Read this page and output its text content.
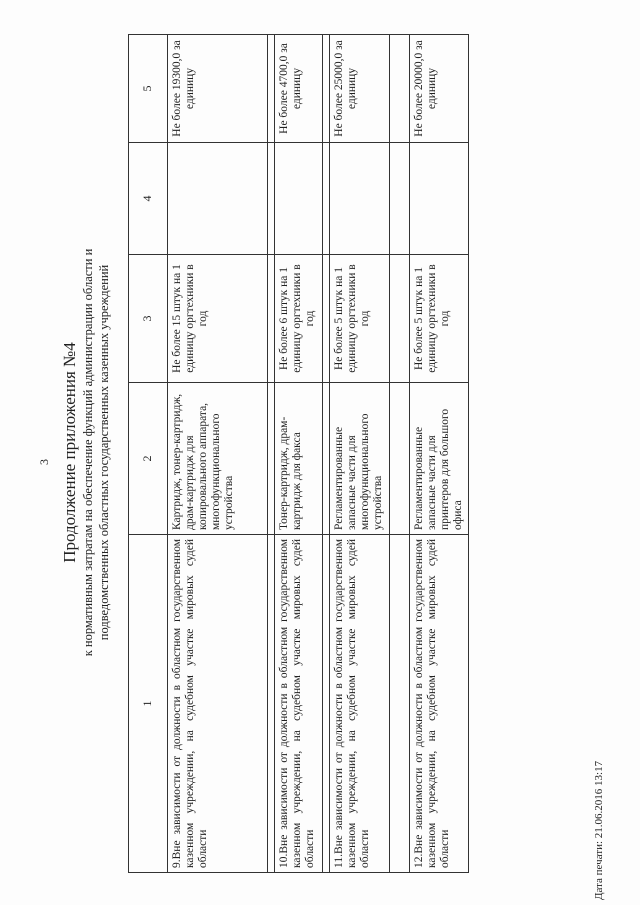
3 Продолжение приложения №4 к нормативным затратам на обеспечение функций администрации области и подведомственных областных государственных казенных учреждений
1	2	3	4	5
9.Вне зависимости от должности в областном государственном казенном учреждении, на судебном участке мировых судей области	Картридж, тонер-картридж, драм-картридж для копировального аппарата, многофункционального устройства	Не более 15 штук на 1 единицу оргтехники в год		Не более 19300,0 за единицу

10.Вне зависимости от должности в областном государственном казенном учреждении, на судебном участке мировых судей области	Тонер-картридж, драм-картридж для факса	Не более 6 штук на 1 единицу оргтехники в год		Не более 4700,0 за единицу

11.Вне зависимости от должности в областном государственном казенном учреждении, на судебном участке мировых судей области	Регламентированные запасные части для многофункционального устройства	Не более 5 штук на 1 единицу оргтехники в год		Не более 25000,0 за единицу

12.Вне зависимости от должности в областном государственном казенном учреждении, на судебном участке мировых судей области	Регламентированные запасные части для принтеров для большого офиса	Не более 5 штук на 1 единицу оргтехники в год		Не более 20000,0 за единицу
Дата печати: 21.06.2016 13:17
